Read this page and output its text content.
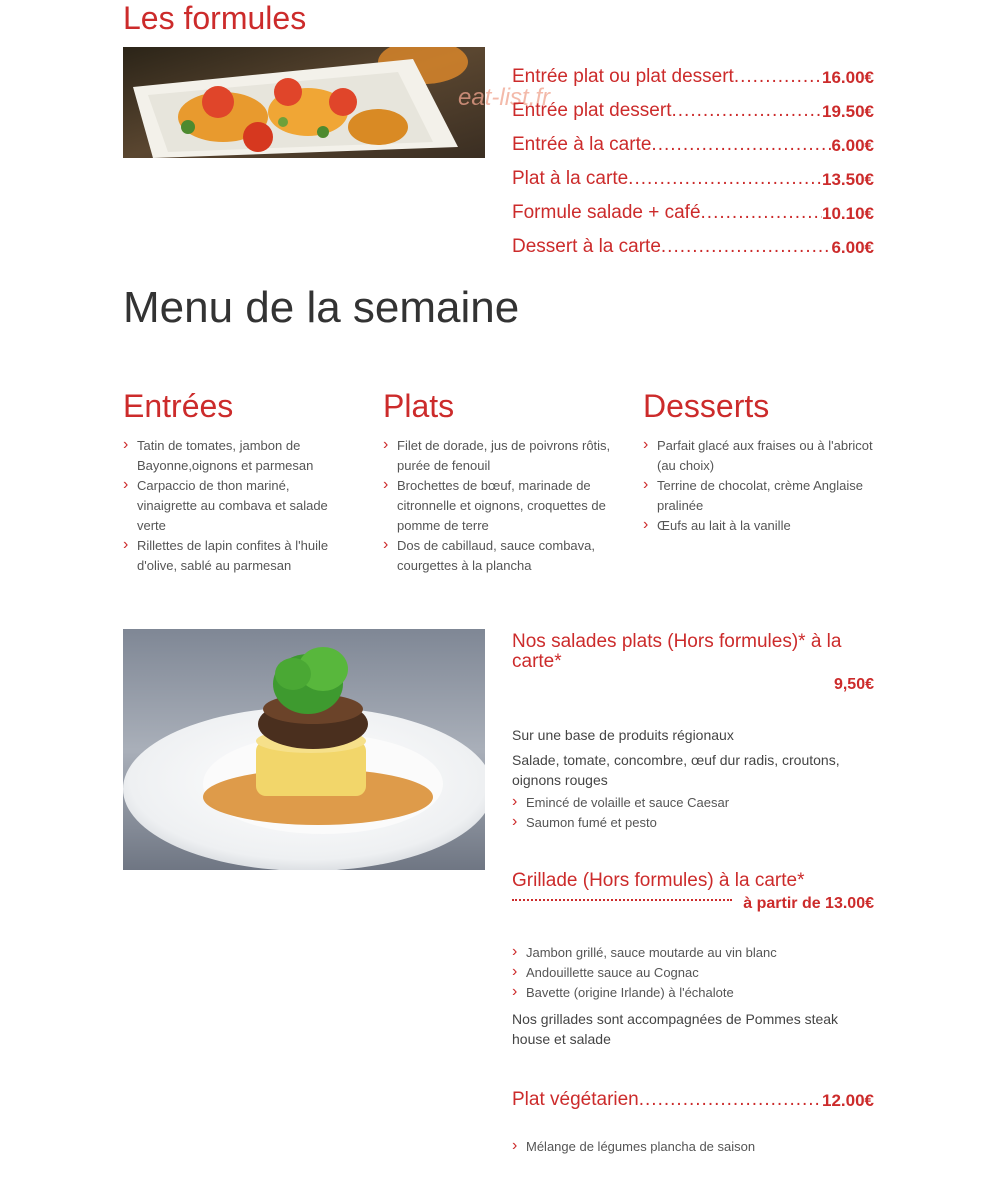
Les formules
eat-list.fr
Entrée plat ou plat dessert .....	16.00€
Entrée plat dessert .....	19.50€
Entrée à la carte .....	6.00€
Plat à la carte .....	13.50€
Formule salade + café .....	10.10€
Dessert à la carte .....	6.00€
Menu de la semaine
Entrées
› Tatin de tomates, jambon de Bayonne,oignons et parmesan
› Carpaccio de thon mariné, vinaigrette au combava et salade verte
› Rillettes de lapin confites à l'huile d'olive, sablé au parmesan
Plats
› Filet de dorade, jus de poivrons rôtis, purée de fenouil
› Brochettes de bœuf, marinade de citronnelle et oignons, croquettes de pomme de terre
› Dos de cabillaud, sauce combava, courgettes à la plancha
Desserts
› Parfait glacé aux fraises ou à l'abricot (au choix)
› Terrine de chocolat, crème Anglaise pralinée
› Œufs au lait à la vanille
Nos salades plats (Hors formules)* à la carte*
9,50€
Sur une base de produits régionaux
Salade, tomate, concombre, œuf dur radis, croutons, oignons rouges
› Emincé de volaille et sauce Caesar
› Saumon fumé et pesto
Grillade (Hors formules) à la carte*
à partir de 13.00€
› Jambon grillé, sauce moutarde au vin blanc
› Andouillette sauce au Cognac
› Bavette (origine Irlande) à l'échalote
Nos grillades sont accompagnées de Pommes steak house et salade
Plat végétarien .....	12.00€
› Mélange de légumes plancha de saison
